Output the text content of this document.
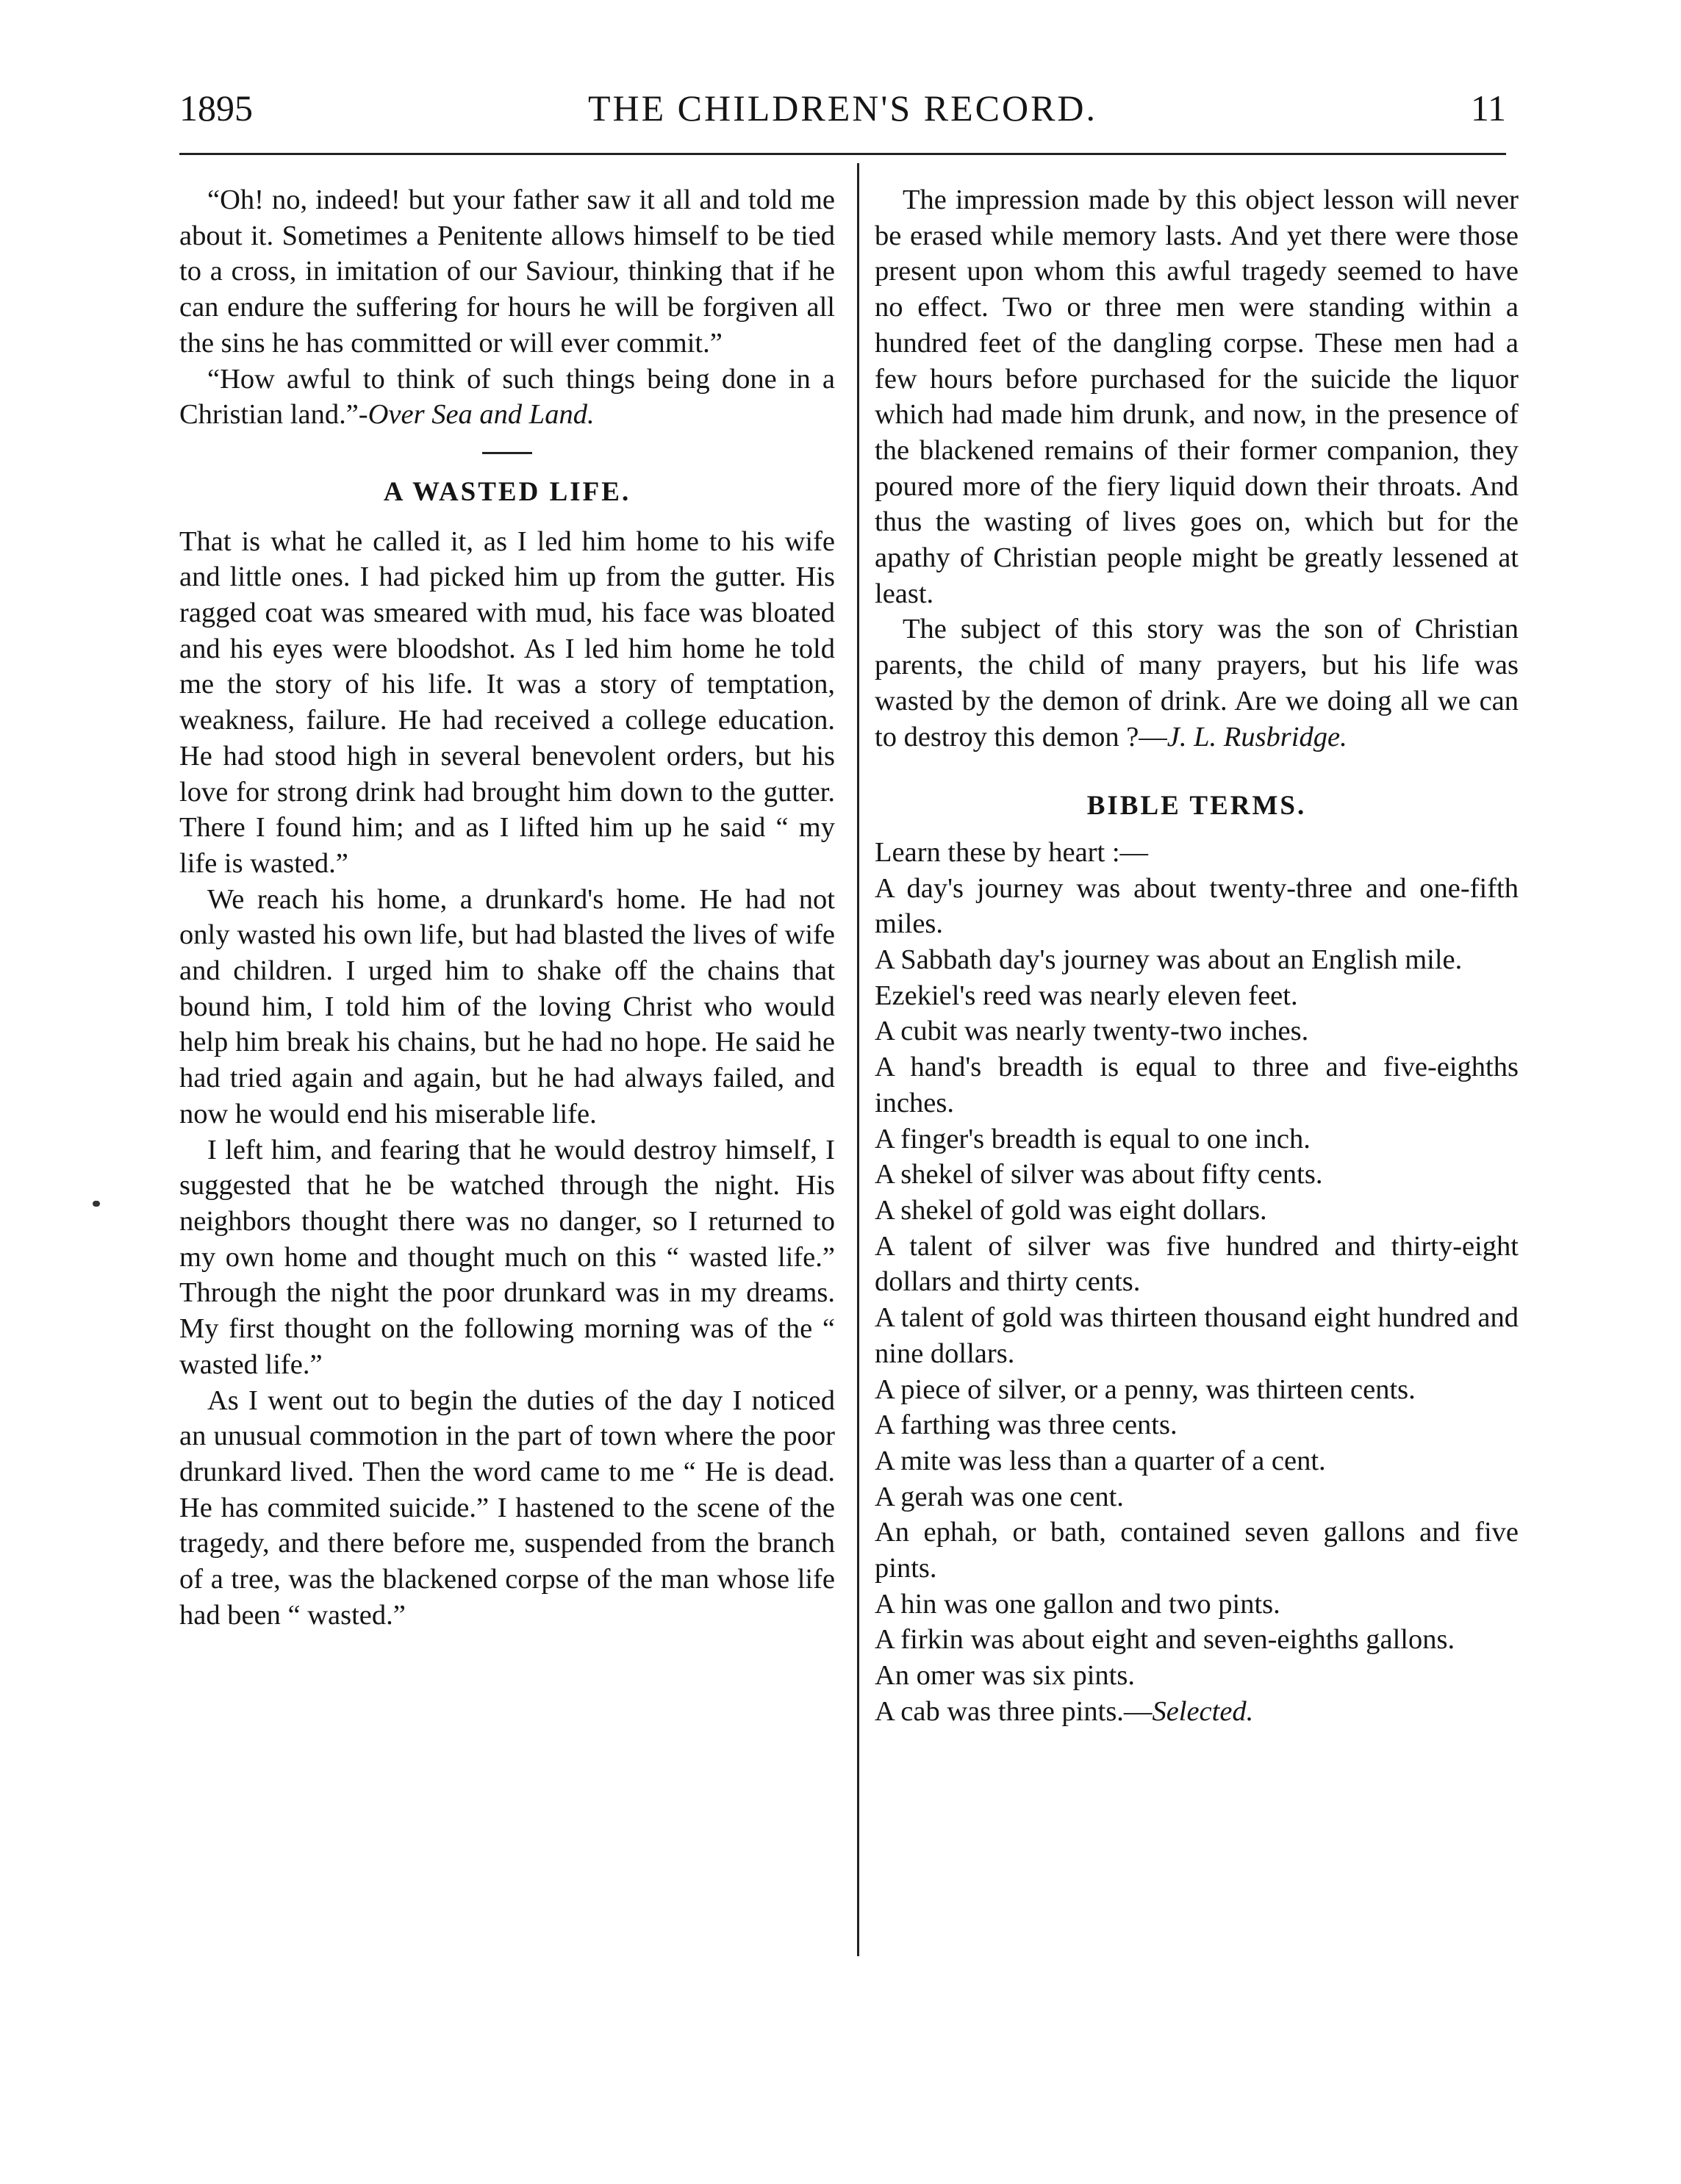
1895	THE CHILDREN'S RECORD.	11

“Oh! no, indeed! but your father saw it all and told me about it. Sometimes a Penitente allows himself to be tied to a cross, in imitation of our Saviour, thinking that if he can endure the suffering for hours he will be forgiven all the sins he has committed or will ever commit.”

“How awful to think of such things being done in a Christian land.”-Over Sea and Land.

A WASTED LIFE.

That is what he called it, as I led him home to his wife and little ones. I had picked him up from the gutter. His ragged coat was smeared with mud, his face was bloated and his eyes were bloodshot. As I led him home he told me the story of his life. It was a story of temptation, weakness, failure. He had received a college education. He had stood high in several benevolent orders, but his love for strong drink had brought him down to the gutter. There I found him; and as I lifted him up he said “ my life is wasted.”

We reach his home, a drunkard's home. He had not only wasted his own life, but had blasted the lives of wife and children. I urged him to shake off the chains that bound him, I told him of the loving Christ who would help him break his chains, but he had no hope. He said he had tried again and again, but he had always failed, and now he would end his miserable life.

I left him, and fearing that he would destroy himself, I suggested that he be watched through the night. His neighbors thought there was no danger, so I returned to my own home and thought much on this “ wasted life.” Through the night the poor drunkard was in my dreams. My first thought on the following morning was of the “ wasted life.”

As I went out to begin the duties of the day I noticed an unusual commotion in the part of town where the poor drunkard lived. Then the word came to me “ He is dead. He has commited suicide.” I hastened to the scene of the tragedy, and there before me, suspended from the branch of a tree, was the blackened corpse of the man whose life had been “ wasted.”

The impression made by this object lesson will never be erased while memory lasts. And yet there were those present upon whom this awful tragedy seemed to have no effect. Two or three men were standing within a hundred feet of the dangling corpse. These men had a few hours before purchased for the suicide the liquor which had made him drunk, and now, in the presence of the blackened remains of their former companion, they poured more of the fiery liquid down their throats. And thus the wasting of lives goes on, which but for the apathy of Christian people might be greatly lessened at least.

The subject of this story was the son of Christian parents, the child of many prayers, but his life was wasted by the demon of drink. Are we doing all we can to destroy this demon ?—J. L. Rusbridge.

BIBLE TERMS.

Learn these by heart :—

A day's journey was about twenty-three and one-fifth miles.
A Sabbath day's journey was about an English mile.
Ezekiel's reed was nearly eleven feet.
A cubit was nearly twenty-two inches.
A hand's breadth is equal to three and five-eighths inches.
A finger's breadth is equal to one inch.
A shekel of silver was about fifty cents.
A shekel of gold was eight dollars.
A talent of silver was five hundred and thirty-eight dollars and thirty cents.
A talent of gold was thirteen thousand eight hundred and nine dollars.
A piece of silver, or a penny, was thirteen cents.
A farthing was three cents.
A mite was less than a quarter of a cent.
A gerah was one cent.
An ephah, or bath, contained seven gallons and five pints.
A hin was one gallon and two pints.
A firkin was about eight and seven-eighths gallons.
An omer was six pints.
A cab was three pints.—Selected.
